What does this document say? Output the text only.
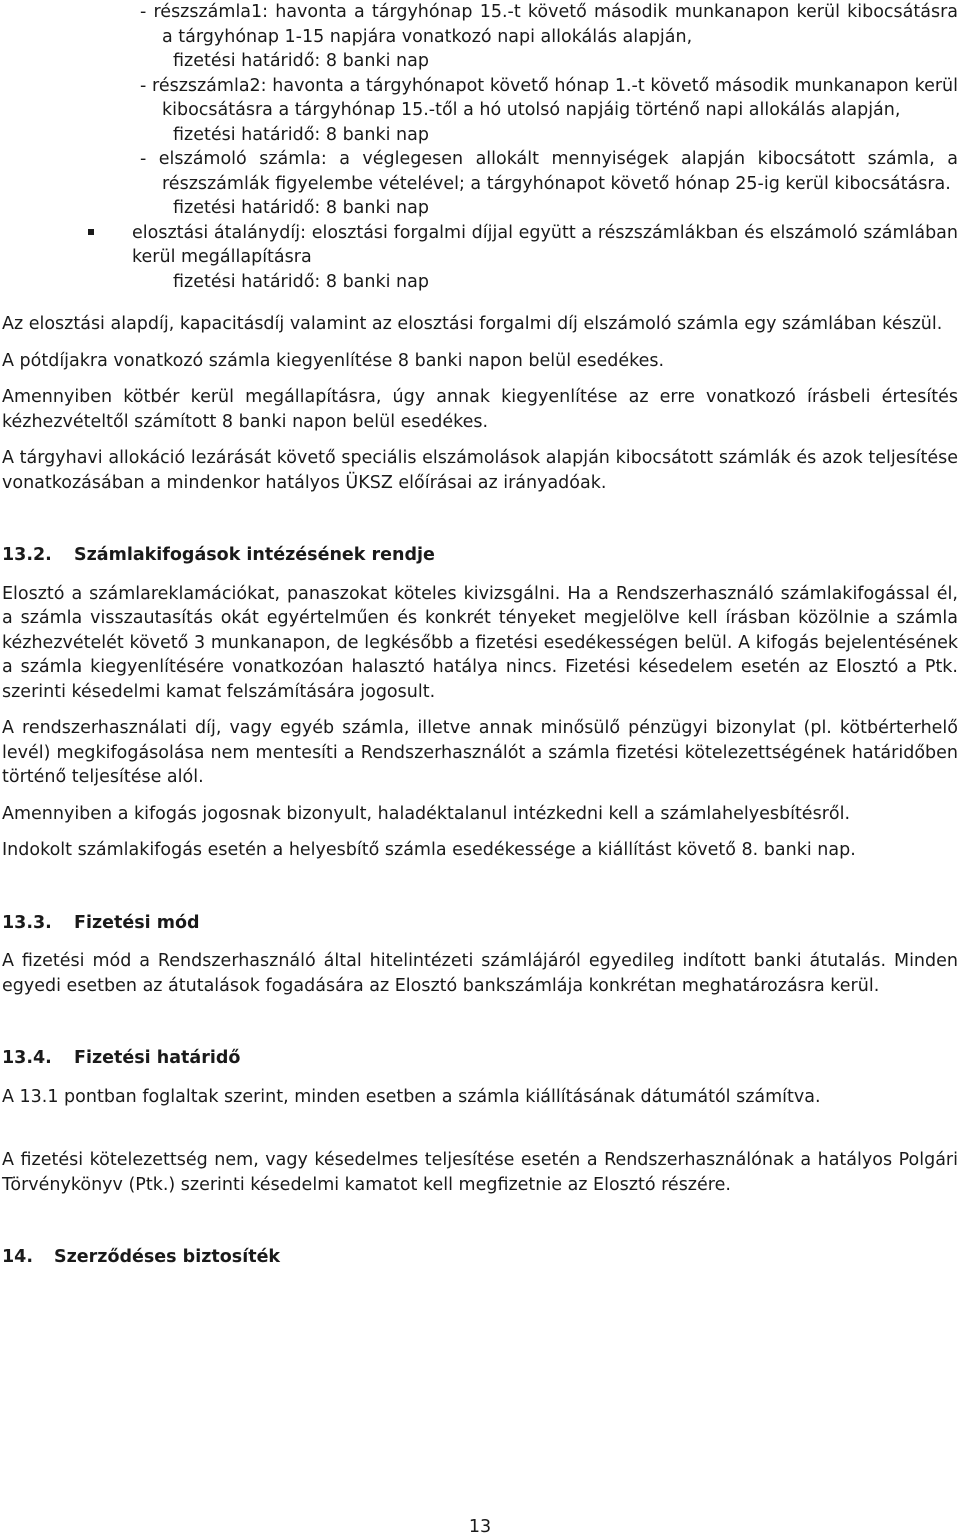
- részszámla1: havonta a tárgyhónap 15.-t követő második munkanapon kerül kibocsátásra a tárgyhónap 1-15 napjára vonatkozó napi allokálás alapján,
fizetési határidő: 8 banki nap
- részszámla2: havonta a tárgyhónapot követő hónap 1.-t követő második munkanapon kerül kibocsátásra a tárgyhónap 15.-től a hó utolsó napjáig történő napi allokálás alapján,
fizetési határidő: 8 banki nap
- elszámoló számla: a véglegesen allokált mennyiségek alapján kibocsátott számla, a részszámlák figyelembe vételével; a tárgyhónapot követő hónap 25-ig kerül kibocsátásra.
fizetési határidő: 8 banki nap
elosztási átalánydíj: elosztási forgalmi díjjal együtt a részszámlákban és elszámoló számlában kerül megállapításra
fizetési határidő: 8 banki nap

Az elosztási alapdíj, kapacitásdíj valamint az elosztási forgalmi díj elszámoló számla egy számlában készül.

A pótdíjakra vonatkozó számla kiegyenlítése 8 banki napon belül esedékes.

Amennyiben kötbér kerül megállapításra, úgy annak kiegyenlítése az erre vonatkozó írásbeli értesítés kézhezvételtől számított 8 banki napon belül esedékes.

A tárgyhavi allokáció lezárását követő speciális elszámolások alapján kibocsátott számlák és azok teljesítése vonatkozásában a mindenkor hatályos ÜKSZ előírásai az irányadóak.

13.2. Számlakifogások intézésének rendje

Elosztó a számlareklamációkat, panaszokat köteles kivizsgálni. Ha a Rendszerhasználó számlakifogással él, a számla visszautasítás okát egyértelműen és konkrét tényeket megjelölve kell írásban közölnie a számla kézhezvételét követő 3 munkanapon, de legkésőbb a fizetési esedékességen belül. A kifogás bejelentésének a számla kiegyenlítésére vonatkozóan halasztó hatálya nincs. Fizetési késedelem esetén az Elosztó a Ptk. szerinti késedelmi kamat felszámítására jogosult.

A rendszerhasználati díj, vagy egyéb számla, illetve annak minősülő pénzügyi bizonylat (pl. kötbérterhelő levél) megkifogásolása nem mentesíti a Rendszerhasználót a számla fizetési kötelezettségének határidőben történő teljesítése alól.

Amennyiben a kifogás jogosnak bizonyult, haladéktalanul intézkedni kell a számlahelyesbítésről.

Indokolt számlakifogás esetén a helyesbítő számla esedékessége a kiállítást követő 8. banki nap.

13.3. Fizetési mód

A fizetési mód a Rendszerhasználó által hitelintézeti számlájáról egyedileg indított banki átutalás. Minden egyedi esetben az átutalások fogadására az Elosztó bankszámlája konkrétan meghatározásra kerül.

13.4. Fizetési határidő

A 13.1 pontban foglaltak szerint, minden esetben a számla kiállításának dátumától számítva.

A fizetési kötelezettség nem, vagy késedelmes teljesítése esetén a Rendszerhasználónak a hatályos Polgári Törvénykönyv (Ptk.) szerinti késedelmi kamatot kell megfizetnie az Elosztó részére.

14. Szerződéses biztosíték
13
